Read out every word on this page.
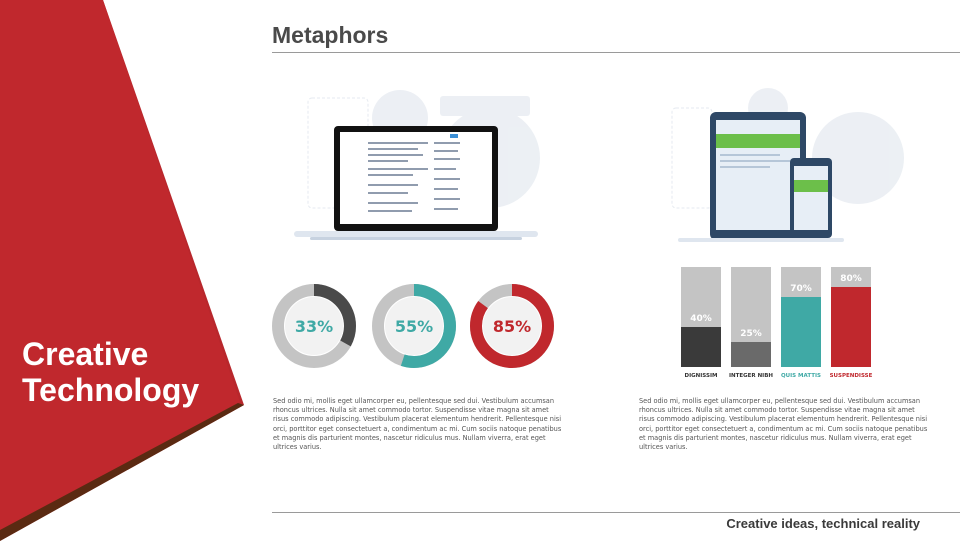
Creative
Technology
Metaphors
33%	55%	85%	40%
DIGNISSIM
25%
INTEGER NIBH
70%
QUIS MATTIS
80%
SUSPENDISSE
Sed odio mi, mollis eget ullamcorper eu, pellentesque sed dui. Vestibulum accumsan rhoncus ultrices. Nulla sit amet commodo tortor. Suspendisse vitae magna sit amet risus commodo adipiscing. Vestibulum placerat elementum hendrerit. Pellentesque nisi orci, porttitor eget consectetuert a, condimentum ac mi. Cum sociis natoque penatibus et magnis dis parturient montes, nascetur ridiculus mus. Nullam viverra, erat eget ultrices varius.
Sed odio mi, mollis eget ullamcorper eu, pellentesque sed dui. Vestibulum accumsan rhoncus ultrices. Nulla sit amet commodo tortor. Suspendisse vitae magna sit amet risus commodo adipiscing. Vestibulum placerat elementum hendrerit. Pellentesque nisi orci, porttitor eget consectetuert a, condimentum ac mi. Cum sociis natoque penatibus et magnis dis parturient montes, nascetur ridiculus mus. Nullam viverra, erat eget ultrices varius.
Creative ideas, technical reality
